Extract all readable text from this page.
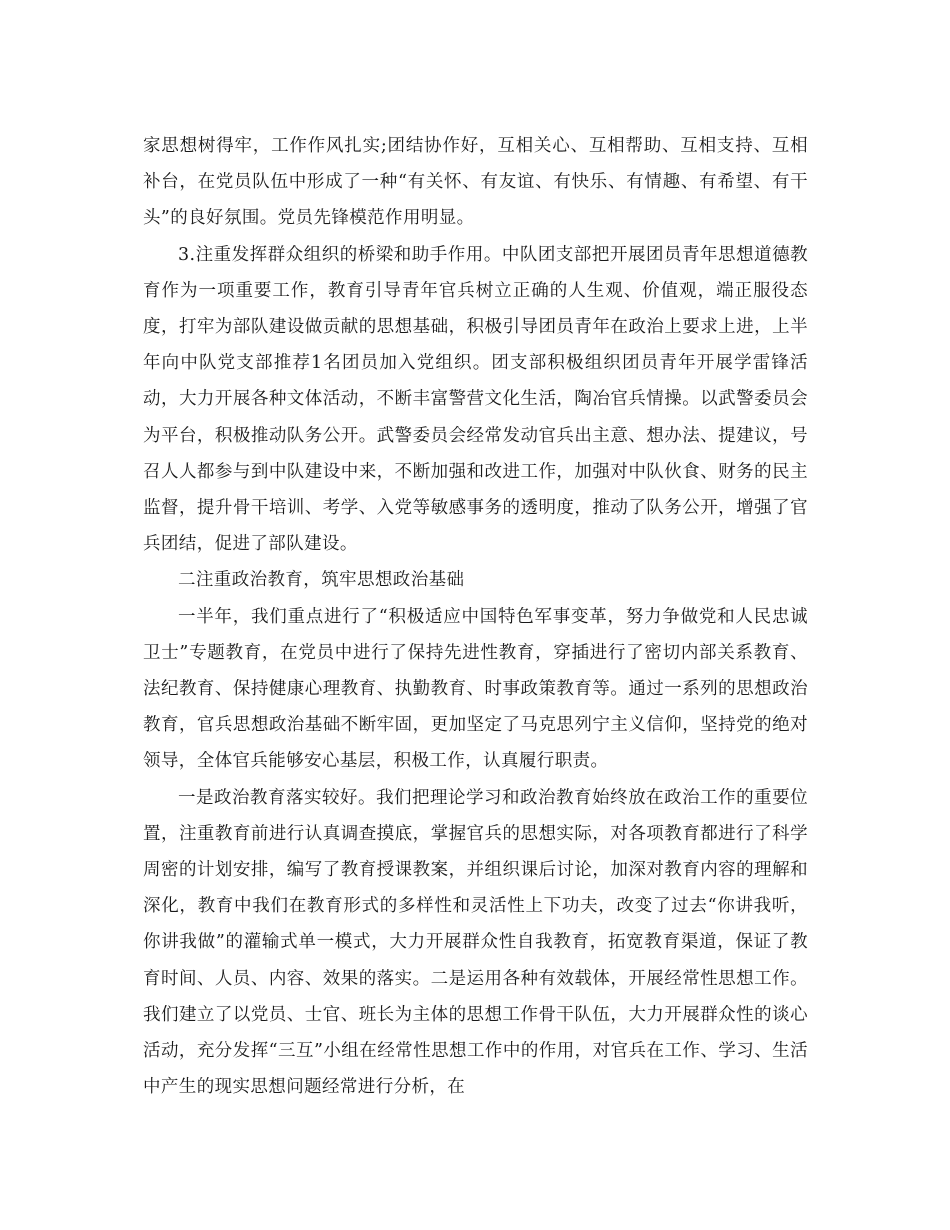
家思想树得牢，工作作风扎实;团结协作好，互相关心、互相帮助、互相支持、互相补台，在党员队伍中形成了一种“有关怀、有友谊、有快乐、有情趣、有希望、有干头”的良好氛围。党员先锋模范作用明显。

3.注重发挥群众组织的桥梁和助手作用。中队团支部把开展团员青年思想道德教育作为一项重要工作，教育引导青年官兵树立正确的人生观、价值观，端正服役态度，打牢为部队建设做贡献的思想基础，积极引导团员青年在政治上要求上进，上半年向中队党支部推荐1名团员加入党组织。团支部积极组织团员青年开展学雷锋活动，大力开展各种文体活动，不断丰富警营文化生活，陶冶官兵情操。以武警委员会为平台，积极推动队务公开。武警委员会经常发动官兵出主意、想办法、提建议，号召人人都参与到中队建设中来，不断加强和改进工作，加强对中队伙食、财务的民主监督，提升骨干培训、考学、入党等敏感事务的透明度，推动了队务公开，增强了官兵团结，促进了部队建设。

二注重政治教育，筑牢思想政治基础

一半年，我们重点进行了“积极适应中国特色军事变革，努力争做党和人民忠诚卫士”专题教育，在党员中进行了保持先进性教育，穿插进行了密切内部关系教育、法纪教育、保持健康心理教育、执勤教育、时事政策教育等。通过一系列的思想政治教育，官兵思想政治基础不断牢固，更加坚定了马克思列宁主义信仰，坚持党的绝对领导，全体官兵能够安心基层，积极工作，认真履行职责。

一是政治教育落实较好。我们把理论学习和政治教育始终放在政治工作的重要位置，注重教育前进行认真调查摸底，掌握官兵的思想实际，对各项教育都进行了科学周密的计划安排，编写了教育授课教案，并组织课后讨论，加深对教育内容的理解和深化，教育中我们在教育形式的多样性和灵活性上下功夫，改变了过去“你讲我听，你讲我做”的灌输式单一模式，大力开展群众性自我教育，拓宽教育渠道，保证了教育时间、人员、内容、效果的落实。二是运用各种有效载体，开展经常性思想工作。我们建立了以党员、士官、班长为主体的思想工作骨干队伍，大力开展群众性的谈心活动，充分发挥“三互”小组在经常性思想工作中的作用，对官兵在工作、学习、生活中产生的现实思想问题经常进行分析，在
